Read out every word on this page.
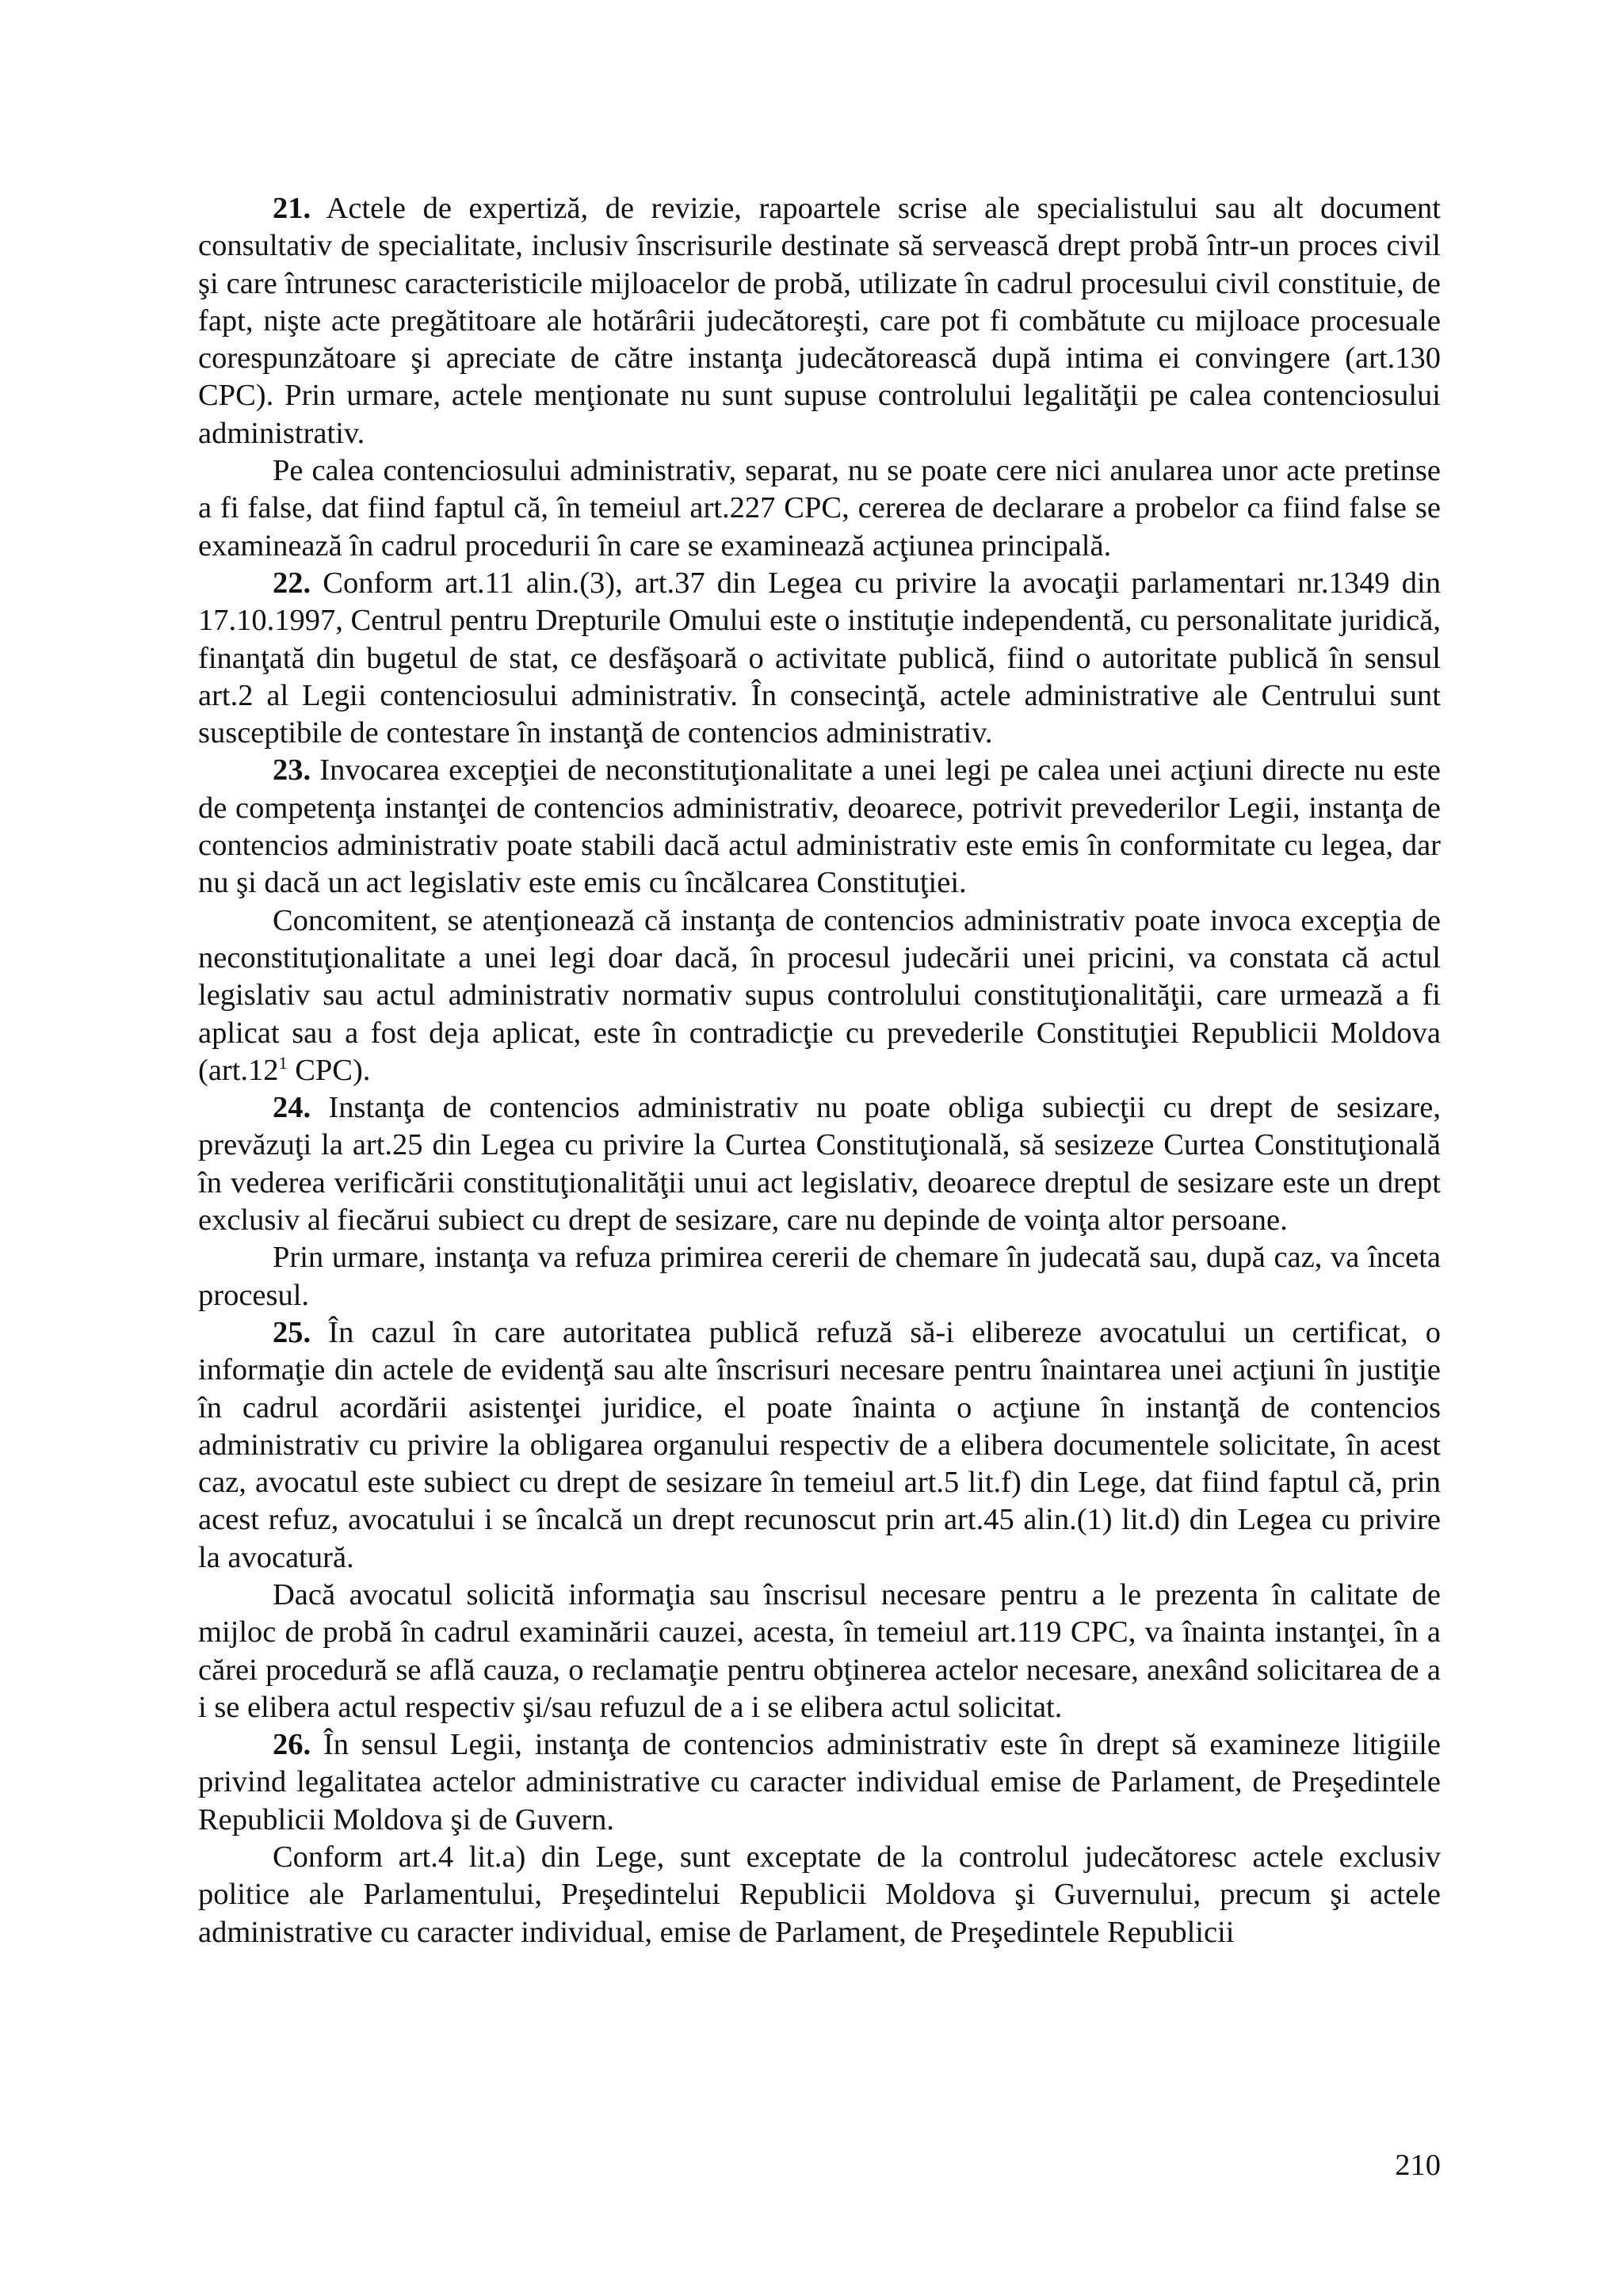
21. Actele de expertiză, de revizie, rapoartele scrise ale specialistului sau alt document consultativ de specialitate, inclusiv înscrisurile destinate să servească drept probă într-un proces civil şi care întrunesc caracteristicile mijloacelor de probă, utilizate în cadrul procesului civil constituie, de fapt, nişte acte pregătitoare ale hotărârii judecătoreşti, care pot fi combătute cu mijloace procesuale corespunzătoare şi apreciate de către instanţa judecătorească după intima ei convingere (art.130 CPC). Prin urmare, actele menţionate nu sunt supuse controlului legalităţii pe calea contenciosului administrativ.

Pe calea contenciosului administrativ, separat, nu se poate cere nici anularea unor acte pretinse a fi false, dat fiind faptul că, în temeiul art.227 CPC, cererea de declarare a probelor ca fiind false se examinează în cadrul procedurii în care se examinează acţiunea principală.

22. Conform art.11 alin.(3), art.37 din Legea cu privire la avocaţii parlamentari nr.1349 din 17.10.1997, Centrul pentru Drepturile Omului este o instituţie independentă, cu personalitate juridică, finanţată din bugetul de stat, ce desfăşoară o activitate publică, fiind o autoritate publică în sensul art.2 al Legii contenciosului administrativ. În consecinţă, actele administrative ale Centrului sunt susceptibile de contestare în instanţă de contencios administrativ.

23. Invocarea excepţiei de neconstituţionalitate a unei legi pe calea unei acţiuni directe nu este de competenţa instanţei de contencios administrativ, deoarece, potrivit prevederilor Legii, instanţa de contencios administrativ poate stabili dacă actul administrativ este emis în conformitate cu legea, dar nu şi dacă un act legislativ este emis cu încălcarea Constituţiei.

Concomitent, se atenţionează că instanţa de contencios administrativ poate invoca excepţia de neconstituţionalitate a unei legi doar dacă, în procesul judecării unei pricini, va constata că actul legislativ sau actul administrativ normativ supus controlului constituţionalităţii, care urmează a fi aplicat sau a fost deja aplicat, este în contradicţie cu prevederile Constituţiei Republicii Moldova ($art.12^1$ CPC).

24. Instanţa de contencios administrativ nu poate obliga subiecţii cu drept de sesizare, prevăzuţi la art.25 din Legea cu privire la Curtea Constituţională, să sesizeze Curtea Constituţională în vederea verificării constituţionalităţii unui act legislativ, deoarece dreptul de sesizare este un drept exclusiv al fiecărui subiect cu drept de sesizare, care nu depinde de voinţa altor persoane.

Prin urmare, instanţa va refuza primirea cererii de chemare în judecată sau, după caz, va înceta procesul.

25. În cazul în care autoritatea publică refuză să-i elibereze avocatului un certificat, o informaţie din actele de evidenţă sau alte înscrisuri necesare pentru înaintarea unei acţiuni în justiţie în cadrul acordării asistenţei juridice, el poate înainta o acţiune în instanţă de contencios administrativ cu privire la obligarea organului respectiv de a elibera documentele solicitate, în acest caz, avocatul este subiect cu drept de sesizare în temeiul art.5 lit.f) din Lege, dat fiind faptul că, prin acest refuz, avocatului i se încalcă un drept recunoscut prin art.45 alin.(1) lit.d) din Legea cu privire la avocatură.

Dacă avocatul solicită informaţia sau înscrisul necesare pentru a le prezenta în calitate de mijloc de probă în cadrul examinării cauzei, acesta, în temeiul art.119 CPC, va înainta instanţei, în a cărei procedură se află cauza, o reclamaţie pentru obţinerea actelor necesare, anexând solicitarea de a i se elibera actul respectiv şi/sau refuzul de a i se elibera actul solicitat.

26. În sensul Legii, instanţa de contencios administrativ este în drept să examineze litigiile privind legalitatea actelor administrative cu caracter individual emise de Parlament, de Preşedintele Republicii Moldova şi de Guvern.

Conform art.4 lit.a) din Lege, sunt exceptate de la controlul judecătoresc actele exclusiv politice ale Parlamentului, Preşedintelui Republicii Moldova şi Guvernului, precum şi actele administrative cu caracter individual, emise de Parlament, de Preşedintele Republicii

210
